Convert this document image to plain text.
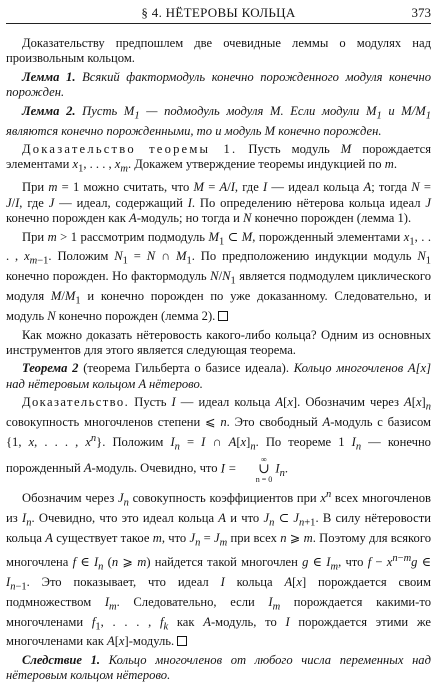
§ 4. НЁТЕРОВЫ КОЛЬЦА	373

Доказательству предпошлем две очевидные леммы о модулях над произвольным кольцом.

Лемма 1. Всякий фактормодуль конечно порожденного модуля конечно порожден.

Лемма 2. Пусть $M_1$ — подмодуль модуля M. Если модули $M_1$ и $M/M_1$ являются конечно порожденными, то и модуль M конечно порожден.

Доказательство теоремы 1. Пусть модуль M порождается элементами $x_1$, . . . , $x_m$. Докажем утверждение теоремы индукцией по m.

При m = 1 можно считать, что M = A/I, где I — идеал кольца A; тогда N = J/I, где J — идеал, содержащий I. По определению нётерова кольца идеал J конечно порожден как A-модуль; но тогда и N конечно порожден (лемма 1).

При m > 1 рассмотрим подмодуль $M_1$ ⊂ M, порожденный элементами $x_1$, . . . , $x_{m-1}$. Положим $N_1 = N$ ∩ $M_1$. По предположению индукции модуль $N_1$ конечно порожден. Но фактормодуль $N/N_1$ является подмодулем циклического модуля $M/M_1$ и конечно порожден по уже доказанному. Следовательно, и модуль N конечно порожден (лемма 2).

Как можно доказать нётеровость какого-либо кольца? Одним из основных инструментов для этого является следующая теорема.

Теорема 2 (теорема Гильберта о базисе идеала). Кольцо многочленов A[x] над нётеровым кольцом A нётерово.

Доказательство. Пусть I — идеал кольца A[x]. Обозначим через $A[x]_n$ совокупность многочленов степени ⩽ n. Это свободный A-модуль с базисом {1, x, . . . , $x^n$}. Положим $I_n = I$ ∩ $A[x]_n$. По теореме 1 $I_n$ — конечно порожденный A-модуль. Очевидно, что I =
∞
∪
n = 0
$I_n$.

Обозначим через $J_n$ совокупность коэффициентов при $x^n$ всех многочленов из $I_n$. Очевидно, что это идеал кольца A и что $J_n$ ⊂ $J_{n+1}$. В силу нётеровости кольца A существует такое m, что $J_n = J_m$ при всех n ⩾ m. Поэтому для всякого многочлена f ∈ $I_n$ (n ⩾ m) найдется такой многочлен g ∈ $I_m$, что $f - x^{n-m}g$ ∈ $I_{n-1}$. Это показывает, что идеал I кольца A[x] порождается своим подмножеством $I_m$. Следовательно, если $I_m$ порождается какими-то многочленами $f_1$, . . . , $f_k$ как A-модуль, то I порождается этими же многочленами как A[x]-модуль.

Следствие 1. Кольцо многочленов от любого числа переменных над нётеровым кольцом нётерово.
